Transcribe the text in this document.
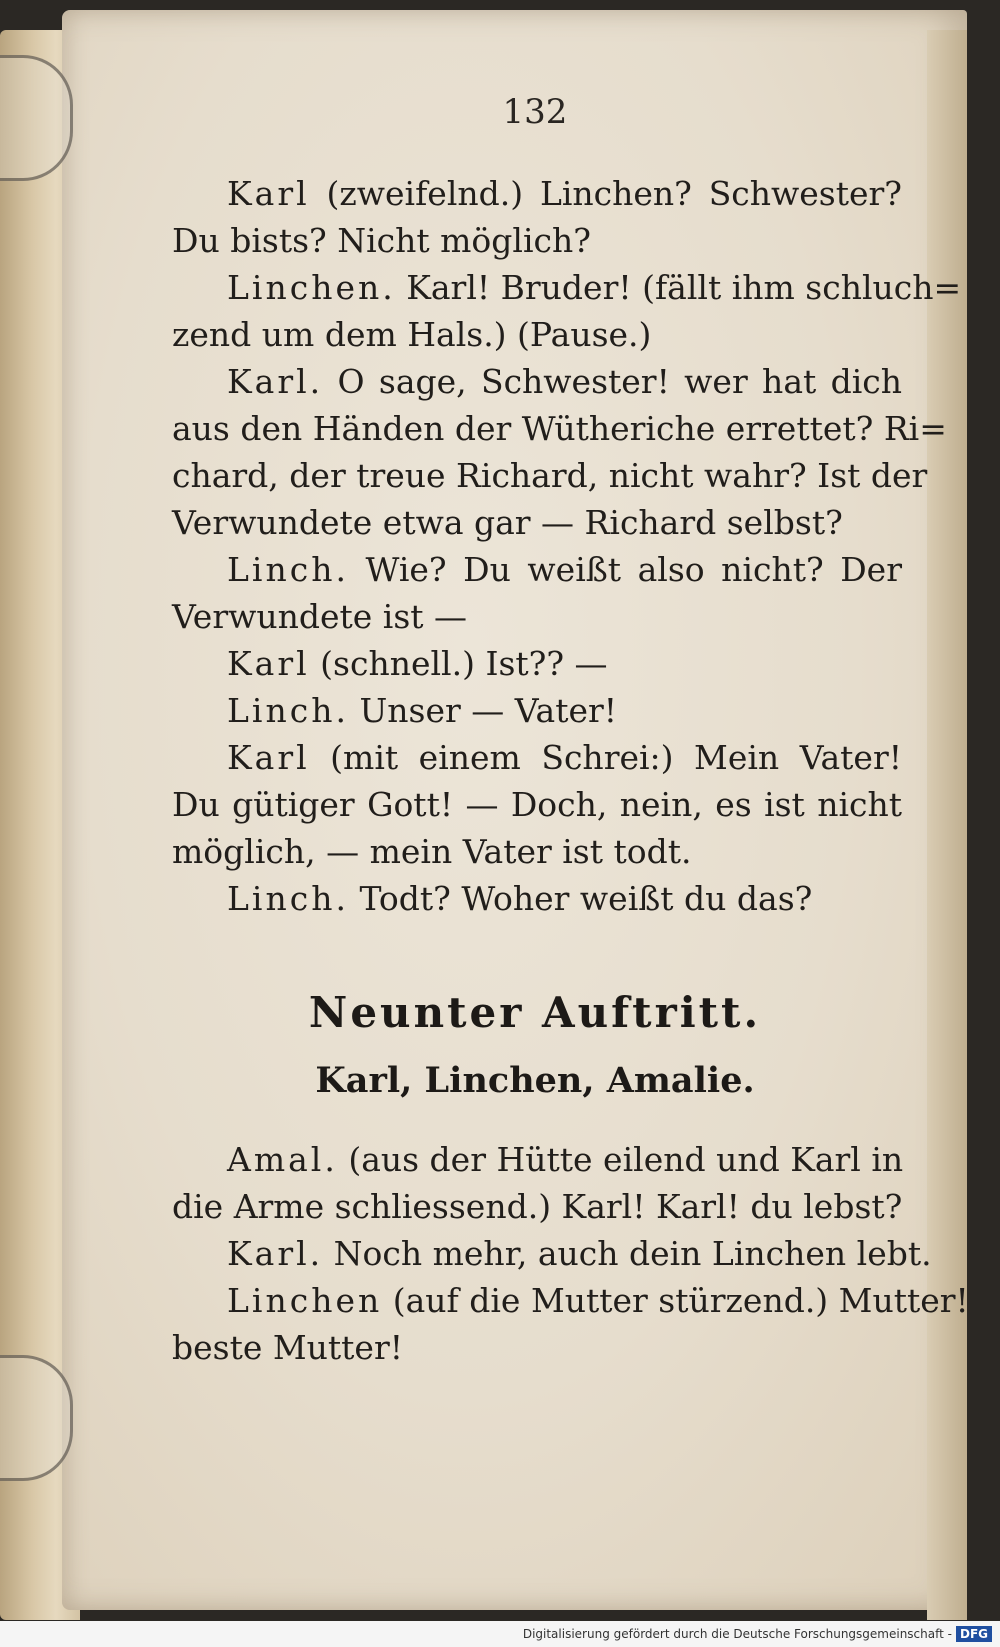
132
Karl (zweifelnd.) Linchen? Schwester?
Du bists? Nicht möglich?
Linchen. Karl! Bruder! (fällt ihm schluch=
zend um dem Hals.) (Pause.)
Karl. O sage, Schwester! wer hat dich
aus den Händen der Wütheriche errettet? Ri=
chard, der treue Richard, nicht wahr? Ist der
Verwundete etwa gar — Richard selbst?
Linch. Wie? Du weißt also nicht? Der
Verwundete ist —
Karl (schnell.) Ist?? —
Linch. Unser — Vater!
Karl (mit einem Schrei:) Mein Vater!
Du gütiger Gott! — Doch, nein, es ist nicht
möglich, — mein Vater ist todt.
Linch. Todt? Woher weißt du das?
Neunter Auftritt.
Karl, Linchen, Amalie.
Amal. (aus der Hütte eilend und Karl in
die Arme schliessend.) Karl! Karl! du lebst?
Karl. Noch mehr, auch dein Linchen lebt.
Linchen (auf die Mutter stürzend.) Mutter!
beste Mutter!
Digitalisierung gefördert durch die Deutsche Forschungsgemeinschaft - DFG
